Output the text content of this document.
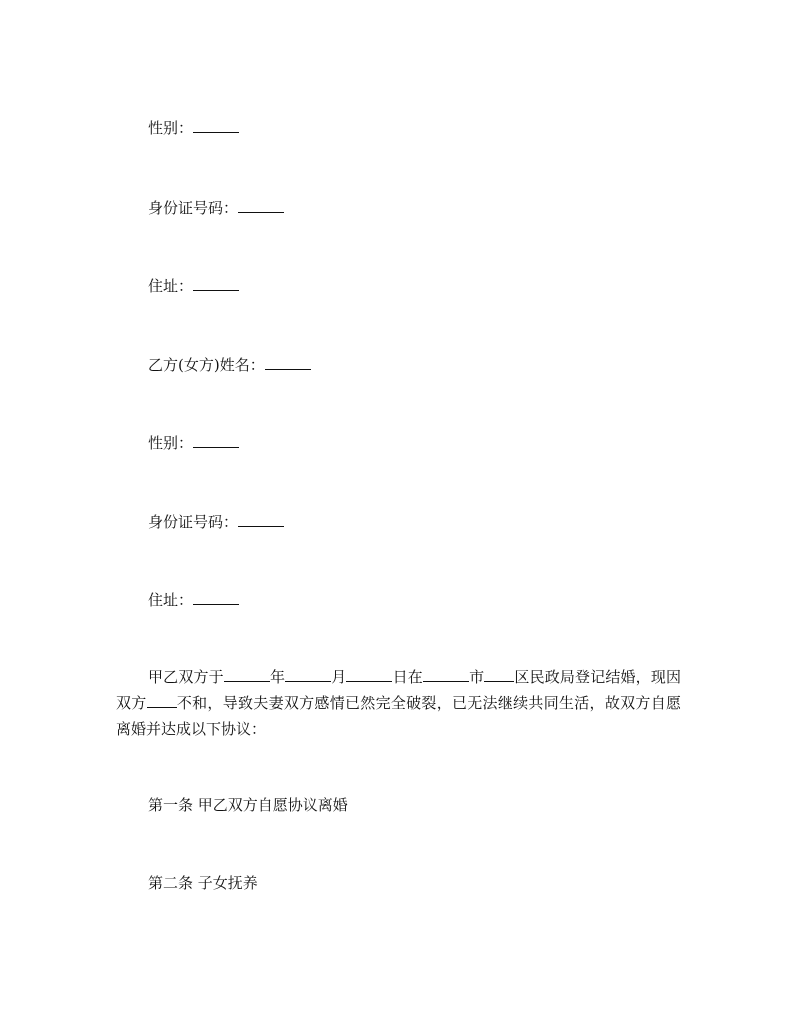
性别：
身份证号码：
住址：
乙方(女方)姓名：
性别：
身份证号码：
住址：
甲乙双方于	年	月	日在	市 区民政局登记结婚，现因双方 不和，导致夫妻双方感情已然完全破裂，已无法继续共同生活，故双方自愿离婚并达成以下协议：
第一条 甲乙双方自愿协议离婚
第二条 子女抚养
